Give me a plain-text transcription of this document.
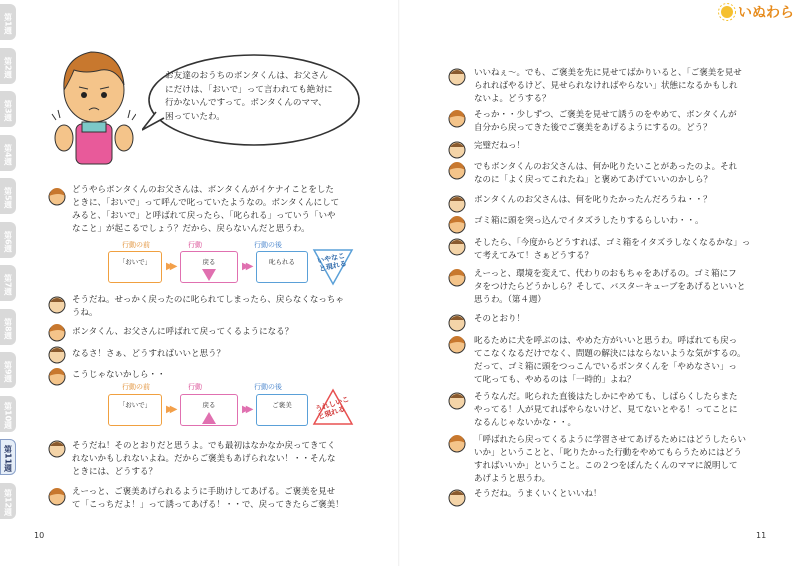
第1週
第2週
第3週
第4週
第5週
第6週
第7週
第8週
第9週
第10週
第11週
第12週
お友達のおうちのボンタくんは、お父さん
にだけは、「おいで」って言われても絶対に
行かないんですって。ボンタくんのママ、
困っていたわ。
どうやらボンタくんのお父さんは、ボンタくんがイケナイことをした
ときに、「おいで」って呼んで叱っていたようなの。ボンタくんにして
みると、「おいで」と呼ばれて戻ったら、「叱られる」っていう「いや
なこと」が起こるでしょう？だから、戻らないんだと思うわ。
行動の前	行動	行動の後
「おいで」	▶▶	戻る	▶▶	叱られる	いやなこと現れる
そうだね。せっかく戻ったのに叱られてしまったら、戻らなくなっちゃ
うね。
ボンタくん、お父さんに呼ばれて戻ってくるようになる？
なるさ！さぁ、どうすればいいと思う？
こうじゃないかしら・・
行動の前	行動	行動の後
「おいで」	▶▶	戻る	▶▶	ご褒美	うれしいこと現れる
そうだね！そのとおりだと思うよ。でも最初はなかなか戻ってきてく
れないかもしれないよね。だからご褒美もあげられない！・・そんな
ときには、どうする？
えーっと、ご褒美あげられるように手助けしてあげる。ご褒美を見せ
て「こっちだよ！」って誘ってあげる！・・で、戻ってきたらご褒美！
10
いぬわら
いいねぇ～。でも、ご褒美を先に見せてばかりいると、「ご褒美を見せ
られればやるけど、見せられなければやらない」状態になるかもしれ
ないよ。どうする？
そっか・・少しずつ、ご褒美を見せて誘うのをやめて、ボンタくんが
自分から戻ってきた後でご褒美をあげるようにするの。どう？
完璧だねっ！
でもボンタくんのお父さんは、何か叱りたいことがあったのよ。それ
なのに「よく戻ってこれたね」と褒めてあげていいのかしら？
ボンタくんのお父さんは、何を叱りたかったんだろうね・・？
ゴミ箱に頭を突っ込んでイタズラしたりするらしいわ・・。
そしたら、「今度からどうすれば、ゴミ箱をイタズラしなくなるかな」っ
て考えてみて！さぁどうする？
えーっと、環境を変えて、代わりのおもちゃをあげるの。ゴミ箱にフ
タをつけたらどうかしら？そして、バスターキューブをあげるといいと
思うわ。（第４週）
そのとおり！
叱るために犬を呼ぶのは、やめた方がいいと思うわ。呼ばれても戻っ
てこなくなるだけでなく、問題の解決にはならないような気がするの。
だって、ゴミ箱に頭をつっこんでいるボンタくんを「やめなさい」っ
て叱っても、やめるのは「一時的」よね？
そうなんだ。叱られた直後はたしかにやめても、しばらくしたらまた
やってる！人が見てればやらないけど、見てないとやる！ってことに
なるんじゃないかな・・。
「呼ばれたら戻ってくるように学習させてあげるためにはどうしたらい
いか」ということと、「叱りたかった行動をやめてもらうためにはどう
すればいいか」ということ。この２つをぽんたくんのママに説明して
あげようと思うわ。
そうだね。うまくいくといいね！
11
